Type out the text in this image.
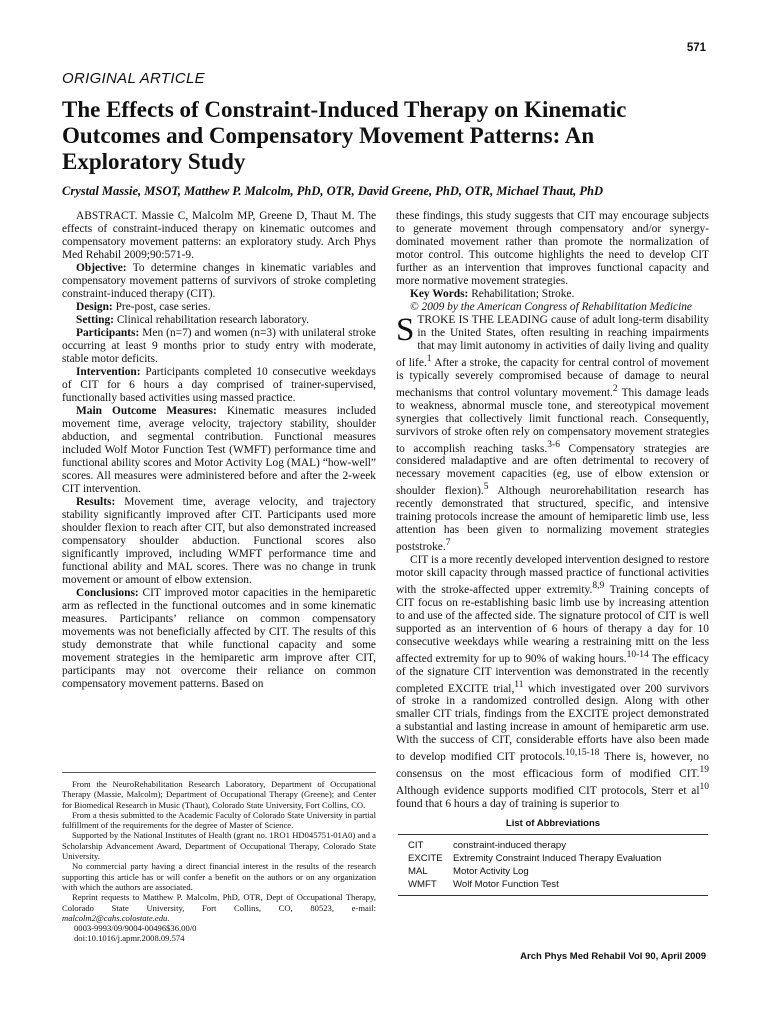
571
ORIGINAL ARTICLE
The Effects of Constraint-Induced Therapy on Kinematic Outcomes and Compensatory Movement Patterns: An Exploratory Study
Crystal Massie, MSOT, Matthew P. Malcolm, PhD, OTR, David Greene, PhD, OTR, Michael Thaut, PhD

ABSTRACT. Massie C, Malcolm MP, Greene D, Thaut M. The effects of constraint-induced therapy on kinematic outcomes and compensatory movement patterns: an exploratory study. Arch Phys Med Rehabil 2009;90:571-9.

Objective: To determine changes in kinematic variables and compensatory movement patterns of survivors of stroke completing constraint-induced therapy (CIT).

Design: Pre-post, case series.

Setting: Clinical rehabilitation research laboratory.

Participants: Men (n=7) and women (n=3) with unilateral stroke occurring at least 9 months prior to study entry with moderate, stable motor deficits.

Intervention: Participants completed 10 consecutive weekdays of CIT for 6 hours a day comprised of trainer-supervised, functionally based activities using massed practice.

Main Outcome Measures: Kinematic measures included movement time, average velocity, trajectory stability, shoulder abduction, and segmental contribution. Functional measures included Wolf Motor Function Test (WMFT) performance time and functional ability scores and Motor Activity Log (MAL) “how-well” scores. All measures were administered before and after the 2-week CIT intervention.

Results: Movement time, average velocity, and trajectory stability significantly improved after CIT. Participants used more shoulder flexion to reach after CIT, but also demonstrated increased compensatory shoulder abduction. Functional scores also significantly improved, including WMFT performance time and functional ability and MAL scores. There was no change in trunk movement or amount of elbow extension.

Conclusions: CIT improved motor capacities in the hemiparetic arm as reflected in the functional outcomes and in some kinematic measures. Participants’ reliance on common compensatory movements was not beneficially affected by CIT. The results of this study demonstrate that while functional capacity and some movement strategies in the hemiparetic arm improve after CIT, participants may not overcome their reliance on common compensatory movement patterns. Based on

these findings, this study suggests that CIT may encourage subjects to generate movement through compensatory and/or synergy-dominated movement rather than promote the normalization of motor control. This outcome highlights the need to develop CIT further as an intervention that improves functional capacity and more normative movement strategies.

Key Words: Rehabilitation; Stroke.

© 2009 by the American Congress of Rehabilitation Medicine

STROKE IS THE LEADING cause of adult long-term disability in the United States, often resulting in reaching impairments that may limit autonomy in activities of daily living and quality of life.$^1$ After a stroke, the capacity for central control of movement is typically severely compromised because of damage to neural mechanisms that control voluntary movement.$^2$ This damage leads to weakness, abnormal muscle tone, and stereotypical movement synergies that collectively limit functional reach. Consequently, survivors of stroke often rely on compensatory movement strategies to accomplish reaching tasks.$^{3-6}$ Compensatory strategies are considered maladaptive and are often detrimental to recovery of necessary movement capacities (eg, use of elbow extension or shoulder flexion).$^5$ Although neurorehabilitation research has recently demonstrated that structured, specific, and intensive training protocols increase the amount of hemiparetic limb use, less attention has been given to normalizing movement strategies poststroke.$^7$

CIT is a more recently developed intervention designed to restore motor skill capacity through massed practice of functional activities with the stroke-affected upper extremity.$^{8,9}$ Training concepts of CIT focus on re-establishing basic limb use by increasing attention to and use of the affected side. The signature protocol of CIT is well supported as an intervention of 6 hours of therapy a day for 10 consecutive weekdays while wearing a restraining mitt on the less affected extremity for up to 90% of waking hours.$^{10-14}$ The efficacy of the signature CIT intervention was demonstrated in the recently completed EXCITE trial,$^{11}$ which investigated over 200 survivors of stroke in a randomized controlled design. Along with other smaller CIT trials, findings from the EXCITE project demonstrated a substantial and lasting increase in amount of hemiparetic arm use. With the success of CIT, considerable efforts have also been made to develop modified CIT protocols.$^{10,15-18}$ There is, however, no consensus on the most efficacious form of modified CIT.$^{19}$ Although evidence supports modified CIT protocols, Sterr et $al^{10}$ found that 6 hours a day of training is superior to

From the NeuroRehabilitation Research Laboratory, Department of Occupational Therapy (Massie, Malcolm); Department of Occupational Therapy (Greene); and Center for Biomedical Research in Music (Thaut), Colorado State University, Fort Collins, CO.

From a thesis submitted to the Academic Faculty of Colorado State University in partial fulfillment of the requirements for the degree of Master of Science.

Supported by the National Institutes of Health (grant no. 1RO1 HD045751-01A0) and a Scholarship Advancement Award, Department of Occupational Therapy, Colorado State University.

No commercial party having a direct financial interest in the results of the research supporting this article has or will confer a benefit on the authors or on any organization with which the authors are associated.

Reprint requests to Matthew P. Malcolm, PhD, OTR, Dept of Occupational Therapy, Colorado State University, Fort Collins, CO, 80523, e-mail: malcolm2@cahs.colostate.edu.

0003-9993/09/9004-00496$36.00/0

doi:10.1016/j.apmr.2008.09.574

List of Abbreviations
CIT	constraint-induced therapy
EXCITE	Extremity Constraint Induced Therapy Evaluation
MAL	Motor Activity Log
WMFT	Wolf Motor Function Test
Arch Phys Med Rehabil Vol 90, April 2009
